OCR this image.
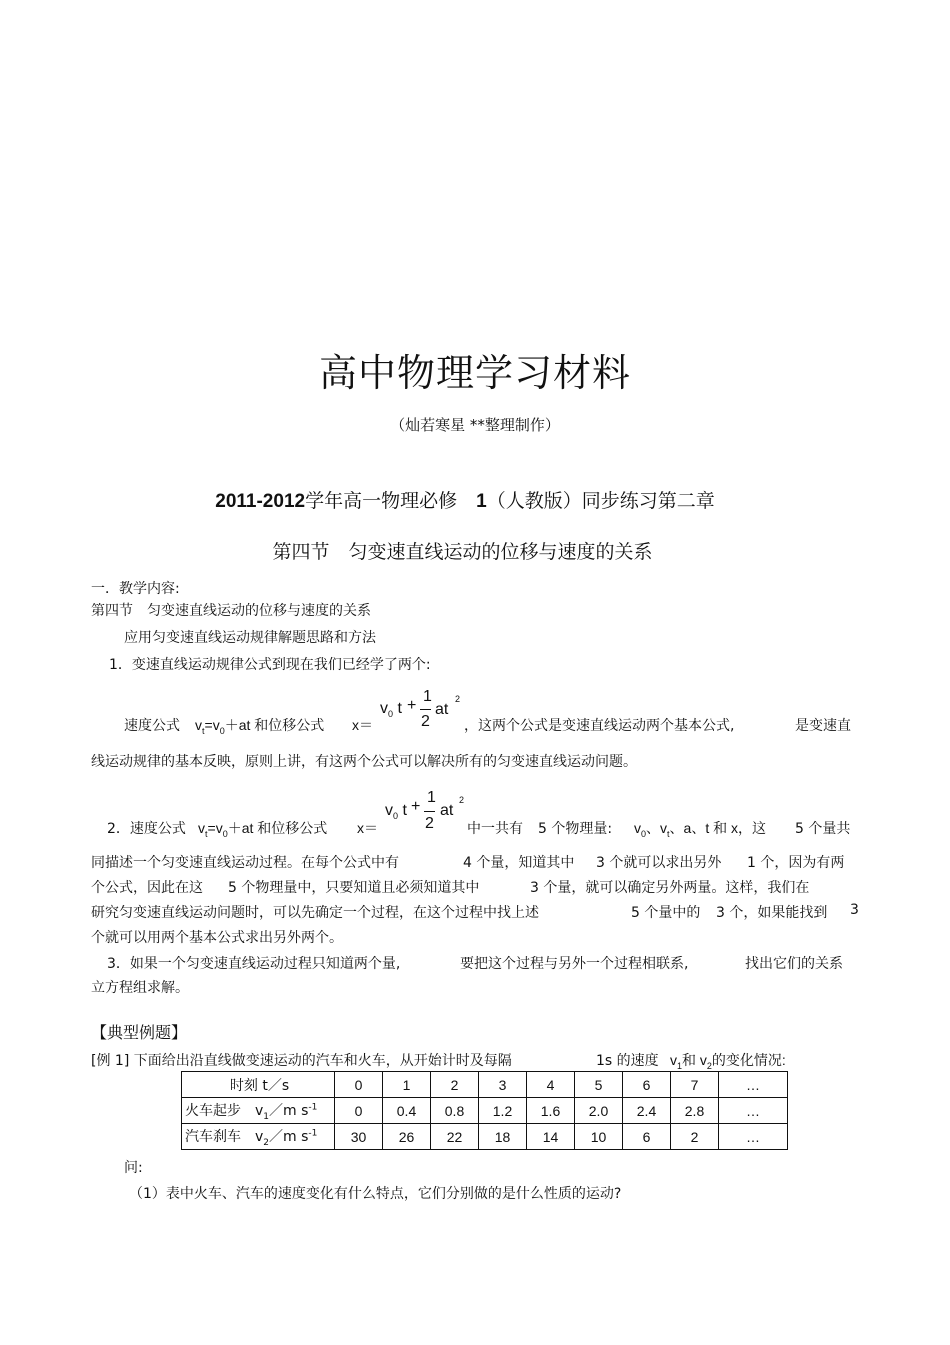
高中物理学习材料
（灿若寒星 **整理制作）
2011-2012学年高一物理必修　 1（人教版）同步练习第二章
第四节　匀变速直线运动的位移与速度的关系
一．教学内容:
第四节　匀变速直线运动的位移与速度的关系
应用匀变速直线运动规律解题思路和方法
1．变速直线运动规律公式到现在我们已经学了两个:
速度公式 $v_t=v_0+at$ 和位移公式 x＝
$v_0$ t +
1
2
at
2
，这两个公式是变速直线运动两个基本公式,	是变速直
线运动规律的基本反映，原则上讲，有这两个公式可以解决所有的匀变速直线运动问题。
2．速度公式 $v_t=v_0+at$ 和位移公式 x＝
$v_0$ t +
1
2
at
2
中一共有 5 个物理量: $v_0$、$v_t$、a、t 和 x，这 5 个量共
同描述一个匀变速直线运动过程。在每个公式中有	4 个量，知道其中 3 个就可以求出另外 1 个，因为有两
个公式，因此在这 5 个物理量中，只要知道且必须知道其中	3 个量，就可以确定另外两量。这样，我们在
研究匀变速直线运动问题时，可以先确定一个过程，在这个过程中找上述	5 个量中的 3 个，如果能找到 3
个就可以用两个基本公式求出另外两个。
3．如果一个匀变速直线运动过程只知道两个量,	要把这个过程与另外一个过程相联系,	找出它们的关系
立方程组求解。
【典型例题】
[例 1] 下面给出沿直线做变速运动的汽车和火车，从开始计时及每隔	1s 的速度 $v_1$和 $v_2$的变化情况:
时刻 t／s	0	1	2	3	4	5	6	7	…
火车起步　$v_1/m$ $s^{-1}$	0	0.4	0.8	1.2	1.6	2.0	2.4	2.8	…
汽车刹车　$v_2/m$ $s^{-1}$	30	26	22	18	14	10	6	2	…
问:
（1）表中火车、汽车的速度变化有什么特点，它们分别做的是什么性质的运动?
